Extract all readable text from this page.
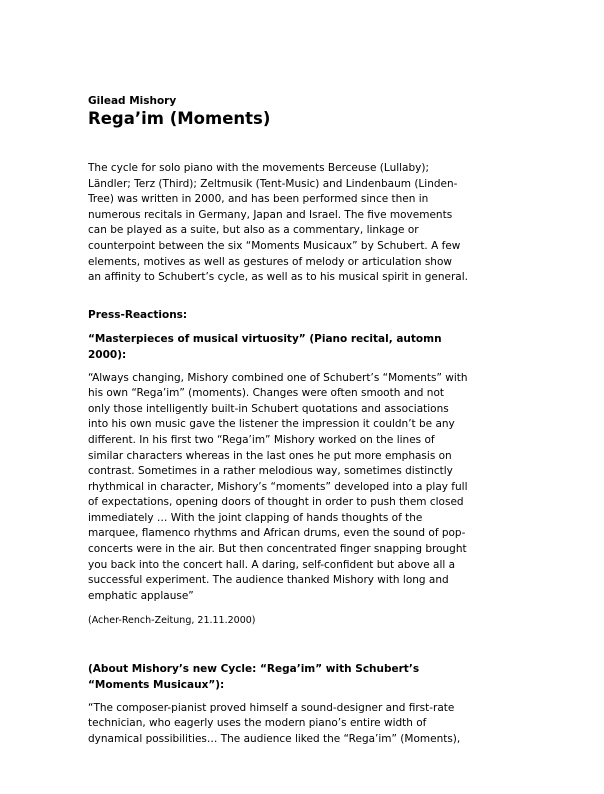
Gilead Mishory

Rega’im (Moments)

The cycle for solo piano with the movements Berceuse (Lullaby); Ländler; Terz (Third); Zeltmusik (Tent-Music) and Lindenbaum (Linden-Tree) was written in 2000, and has been performed since then in numerous recitals in Germany, Japan and Israel. The five movements can be played as a suite, but also as a commentary, linkage or counterpoint between the six “Moments Musicaux” by Schubert. A few elements, motives as well as gestures of melody or articulation show an affinity to Schubert’s cycle, as well as to his musical spirit in general.

Press-Reactions:

“Masterpieces of musical virtuosity” (Piano recital, automn 2000):

“Always changing, Mishory combined one of Schubert’s “Moments” with his own “Rega’im” (moments). Changes were often smooth and not only those intelligently built-in Schubert quotations and associations into his own music gave the listener the impression it couldn’t be any different. In his first two “Rega’im” Mishory worked on the lines of similar characters whereas in the last ones he put more emphasis on contrast. Sometimes in a rather melodious way, sometimes distinctly rhythmical in character, Mishory’s “moments” developed into a play full of expectations, opening doors of thought in order to push them closed immediately … With the joint clapping of hands thoughts of the marquee, flamenco rhythms and African drums, even the sound of pop-concerts were in the air. But then concentrated finger snapping brought you back into the concert hall. A daring, self-confident but above all a successful experiment. The audience thanked Mishory with long and emphatic applause”

(Acher-Rench-Zeitung, 21.11.2000)

(About Mishory’s new Cycle: “Rega’im” with Schubert’s “Moments Musicaux”):

“The composer-pianist proved himself a sound-designer and first-rate technician, who eagerly uses the modern piano’s entire width of dynamical possibilities… The audience liked the “Rega’im” (Moments),
